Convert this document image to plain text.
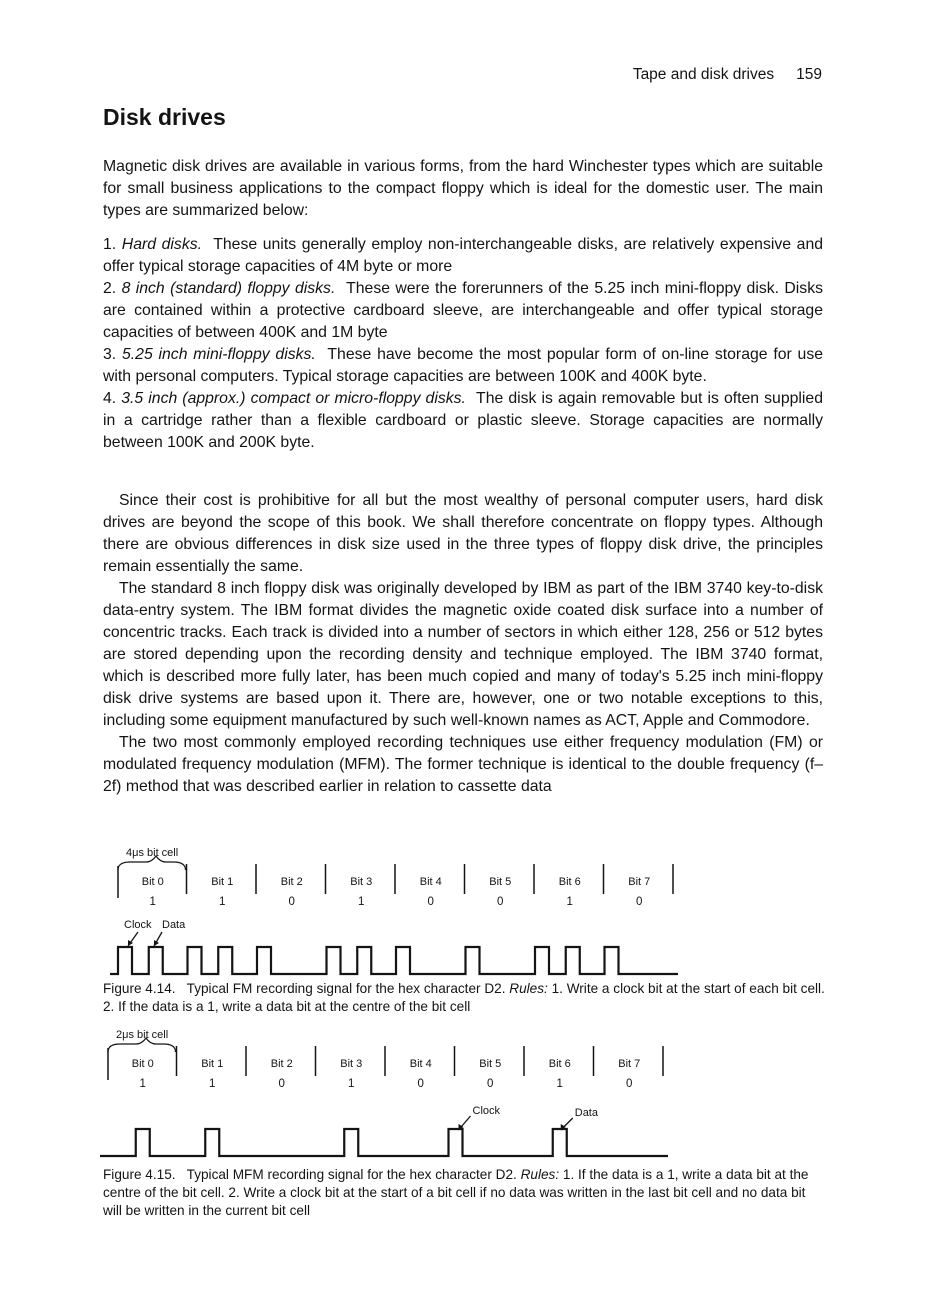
Tape and disk drives 159
Disk drives

Magnetic disk drives are available in various forms, from the hard Winchester types which are suitable for small business applications to the compact floppy which is ideal for the domestic user. The main types are summarized below:

1. Hard disks. These units generally employ non-interchangeable disks, are relatively expensive and offer typical storage capacities of 4M byte or more

2. 8 inch (standard) floppy disks. These were the forerunners of the 5.25 inch mini-floppy disk. Disks are contained within a protective cardboard sleeve, are interchangeable and offer typical storage capacities of between 400K and 1M byte

3. 5.25 inch mini-floppy disks. These have become the most popular form of on-line storage for use with personal computers. Typical storage capacities are between 100K and 400K byte.

4. 3.5 inch (approx.) compact or micro-floppy disks. The disk is again removable but is often supplied in a cartridge rather than a flexible cardboard or plastic sleeve. Storage capacities are normally between 100K and 200K byte.

Since their cost is prohibitive for all but the most wealthy of personal computer users, hard disk drives are beyond the scope of this book. We shall therefore concentrate on floppy types. Although there are obvious differences in disk size used in the three types of floppy disk drive, the principles remain essentially the same.

The standard 8 inch floppy disk was originally developed by IBM as part of the IBM 3740 key-to-disk data-entry system. The IBM format divides the magnetic oxide coated disk surface into a number of concentric tracks. Each track is divided into a number of sectors in which either 128, 256 or 512 bytes are stored depending upon the recording density and technique employed. The IBM 3740 format, which is described more fully later, has been much copied and many of today's 5.25 inch mini-floppy disk drive systems are based upon it. There are, however, one or two notable exceptions to this, including some equipment manufactured by such well-known names as ACT, Apple and Commodore.

The two most commonly employed recording techniques use either frequency modulation (FM) or modulated frequency modulation (MFM). The former technique is identical to the double frequency (f–2f) method that was described earlier in relation to cassette data

4μs bit cell
Bit 0
1
Bit 1
1
Bit 2
0
Bit 3
1
Bit 4
0
Bit 5
0
Bit 6
1
Bit 7
0
Clock Data
Figure 4.14. Typical FM recording signal for the hex character D2. Rules: 1. Write a clock bit at the start of each bit cell. 2. If the data is a 1, write a data bit at the centre of the bit cell
2μs bit cell
Bit 0
1
Bit 1
1
Bit 2
0
Bit 3
1
Bit 4
0
Bit 5
0
Bit 6
1
Bit 7
0
Clock	Data
Figure 4.15. Typical MFM recording signal for the hex character D2. Rules: 1. If the data is a 1, write a data bit at the centre of the bit cell. 2. Write a clock bit at the start of a bit cell if no data was written in the last bit cell and no data bit will be written in the current bit cell
